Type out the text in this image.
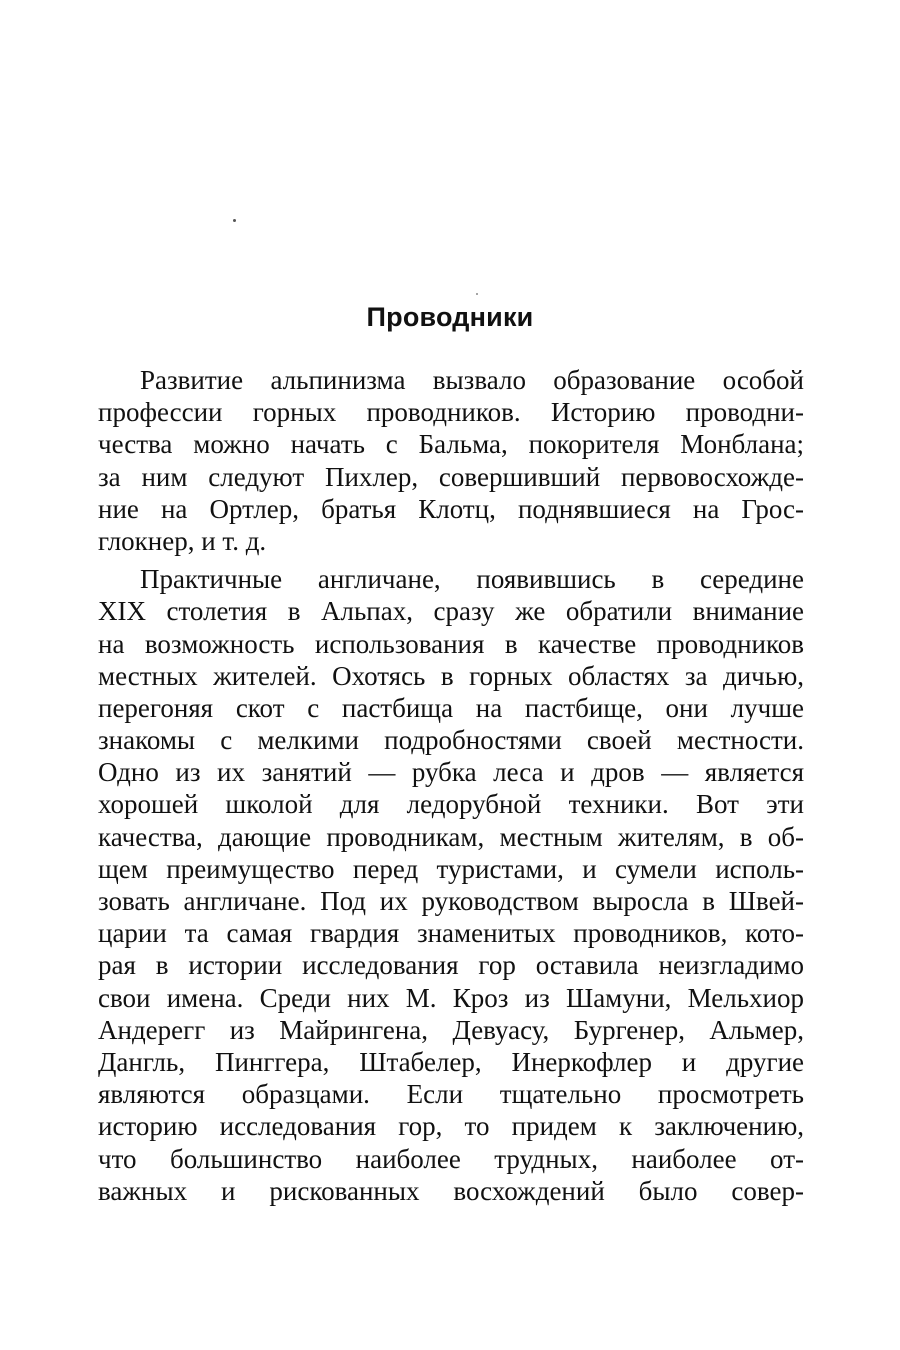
Проводники
Развитие альпинизма вызвало образование особой
профессии горных проводников. Историю проводни-
чества можно начать с Бальма, покорителя Монблана;
за ним следуют Пихлер, совершивший первовосхожде-
ние на Ортлер, братья Клотц, поднявшиеся на Грос-
глокнер, и т. д.
Практичные англичане, появившись в середине
XIX столетия в Альпах, сразу же обратили внимание
на возможность использования в качестве проводников
местных жителей. Охотясь в горных областях за дичью,
перегоняя скот с пастбища на пастбище, они лучше
знакомы с мелкими подробностями своей местности.
Одно из их занятий — рубка леса и дров — является
хорошей школой для ледорубной техники. Вот эти
качества, дающие проводникам, местным жителям, в об-
щем преимущество перед туристами, и сумели исполь-
зовать англичане. Под их руководством выросла в Швей-
царии та самая гвардия знаменитых проводников, кото-
рая в истории исследования гор оставила неизгладимо
свои имена. Среди них М. Кроз из Шамуни, Мельхиор
Андерегг из Майрингена, Девуасу, Бургенер, Альмер,
Дангль, Пинггера, Штабелер, Инеркофлер и другие
являются образцами. Если тщательно просмотреть
историю исследования гор, то придем к заключению,
что большинство наиболее трудных, наиболее от-
важных и рискованных восхождений было совер-
